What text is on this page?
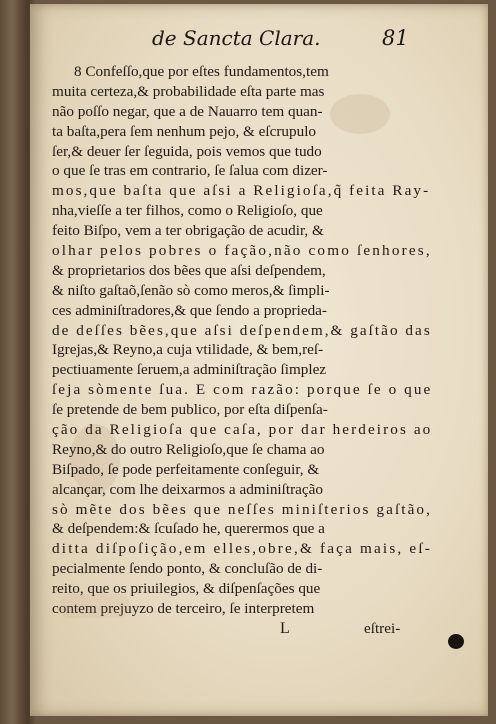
de Sancta Clara.	81
8 Confeſſo,que por eſtes fundamentos,tem
muita certeza,& probabilidade eſta parte mas
não poſſo negar, que a de Nauarro tem quan-
ta baſta,pera ſem nenhum pejo, & eſcrupulo
ſer,& deuer ſer ſeguida, pois vemos que tudo
o que ſe tras em contrario, ſe ſalua com dizer-
mos,que baſta que aſsi a Religioſa,q̃ feita Ray-
nha,vieſſe a ter filhos, como o Religioſo, que
feito Biſpo, vem a ter obrigação de acudir, &
olhar pelos pobres o fação,não como ſenhores,
& proprietarios dos bẽes que aſsi deſpendem,
& niſto gaſtaõ,ſenão sò como meros,& ſimpli-
ces adminiſtradores,& que ſendo a proprieda-
de deſſes bẽes,que aſsi deſpendem,& gaſtão das
Igrejas,& Reyno,a cuja vtilidade, & bem,reſ-
pectiuamente ſeruem,a adminiſtração ſimplez
ſeja sòmente ſua. E com razão: porque ſe o que
ſe pretende de bem publico, por eſta diſpenſa-
ção da Religioſa que caſa, por dar herdeiros ao
Reyno,& do outro Religioſo,que ſe chama ao
Biſpado, ſe pode perfeitamente conſeguir, &
alcançar, com lhe deixarmos a adminiſtração
sò mẽte dos bẽes que neſſes miniſterios gaſtão,
& deſpendem:& ſcuſado he, querermos que a
ditta diſpoſição,em elles,obre,& faça mais, eſ-
pecialmente ſendo ponto, & concluſão de di-
reito, que os priuilegios, & diſpenſações que
contem prejuyzo de terceiro, ſe interpretem
L	eſtrei-
